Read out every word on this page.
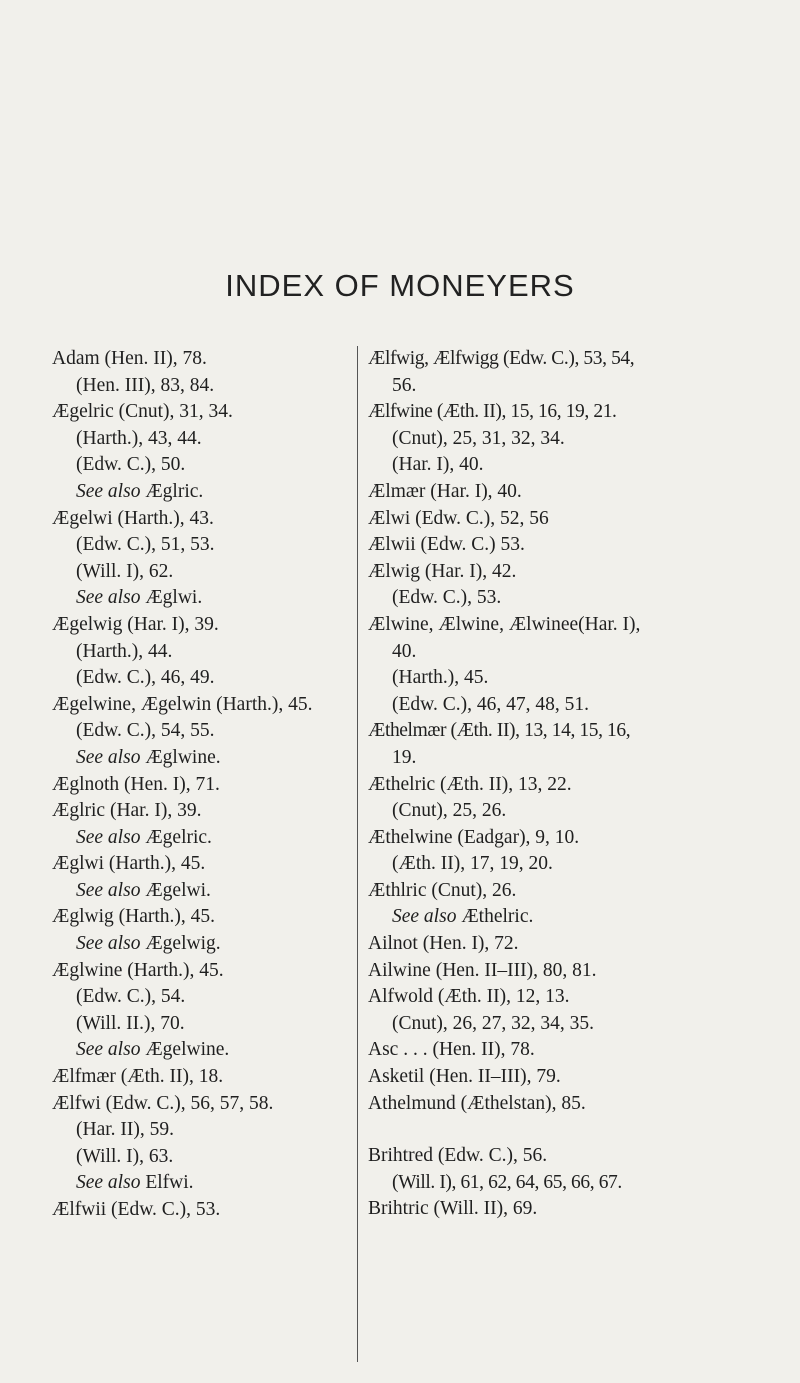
INDEX OF MONEYERS
Adam (Hen. II), 78.
(Hen. III), 83, 84.
Ægelric (Cnut), 31, 34.
(Harth.), 43, 44.
(Edw. C.), 50.
See also Æglric.
Ægelwi (Harth.), 43.
(Edw. C.), 51, 53.
(Will. I), 62.
See also Æglwi.
Ægelwig (Har. I), 39.
(Harth.), 44.
(Edw. C.), 46, 49.
Ægelwine, Ægelwin (Harth.), 45.
(Edw. C.), 54, 55.
See also Æglwine.
Æglnoth (Hen. I), 71.
Æglric (Har. I), 39.
See also Ægelric.
Æglwi (Harth.), 45.
See also Ægelwi.
Æglwig (Harth.), 45.
See also Ægelwig.
Æglwine (Harth.), 45.
(Edw. C.), 54.
(Will. II.), 70.
See also Ægelwine.
Ælfmær (Æth. II), 18.
Ælfwi (Edw. C.), 56, 57, 58.
(Har. II), 59.
(Will. I), 63.
See also Elfwi.
Ælfwii (Edw. C.), 53.
Ælfwig, Ælfwigg (Edw. C.), 53, 54,
56.
Ælfwine (Æth. II), 15, 16, 19, 21.
(Cnut), 25, 31, 32, 34.
(Har. I), 40.
Ælmær (Har. I), 40.
Ælwi (Edw. C.), 52, 56
Ælwii (Edw. C.) 53.
Ælwig (Har. I), 42.
(Edw. C.), 53.
Ælwine, Ælwine, Ælwinee(Har. I),
40.
(Harth.), 45.
(Edw. C.), 46, 47, 48, 51.
Æthelmær (Æth. II), 13, 14, 15, 16,
19.
Æthelric (Æth. II), 13, 22.
(Cnut), 25, 26.
Æthelwine (Eadgar), 9, 10.
(Æth. II), 17, 19, 20.
Æthlric (Cnut), 26.
See also Æthelric.
Ailnot (Hen. I), 72.
Ailwine (Hen. II–III), 80, 81.
Alfwold (Æth. II), 12, 13.
(Cnut), 26, 27, 32, 34, 35.
Asc . . . (Hen. II), 78.
Asketil (Hen. II–III), 79.
Athelmund (Æthelstan), 85.
Brihtred (Edw. C.), 56.
(Will. I), 61, 62, 64, 65, 66, 67.
Brihtric (Will. II), 69.
